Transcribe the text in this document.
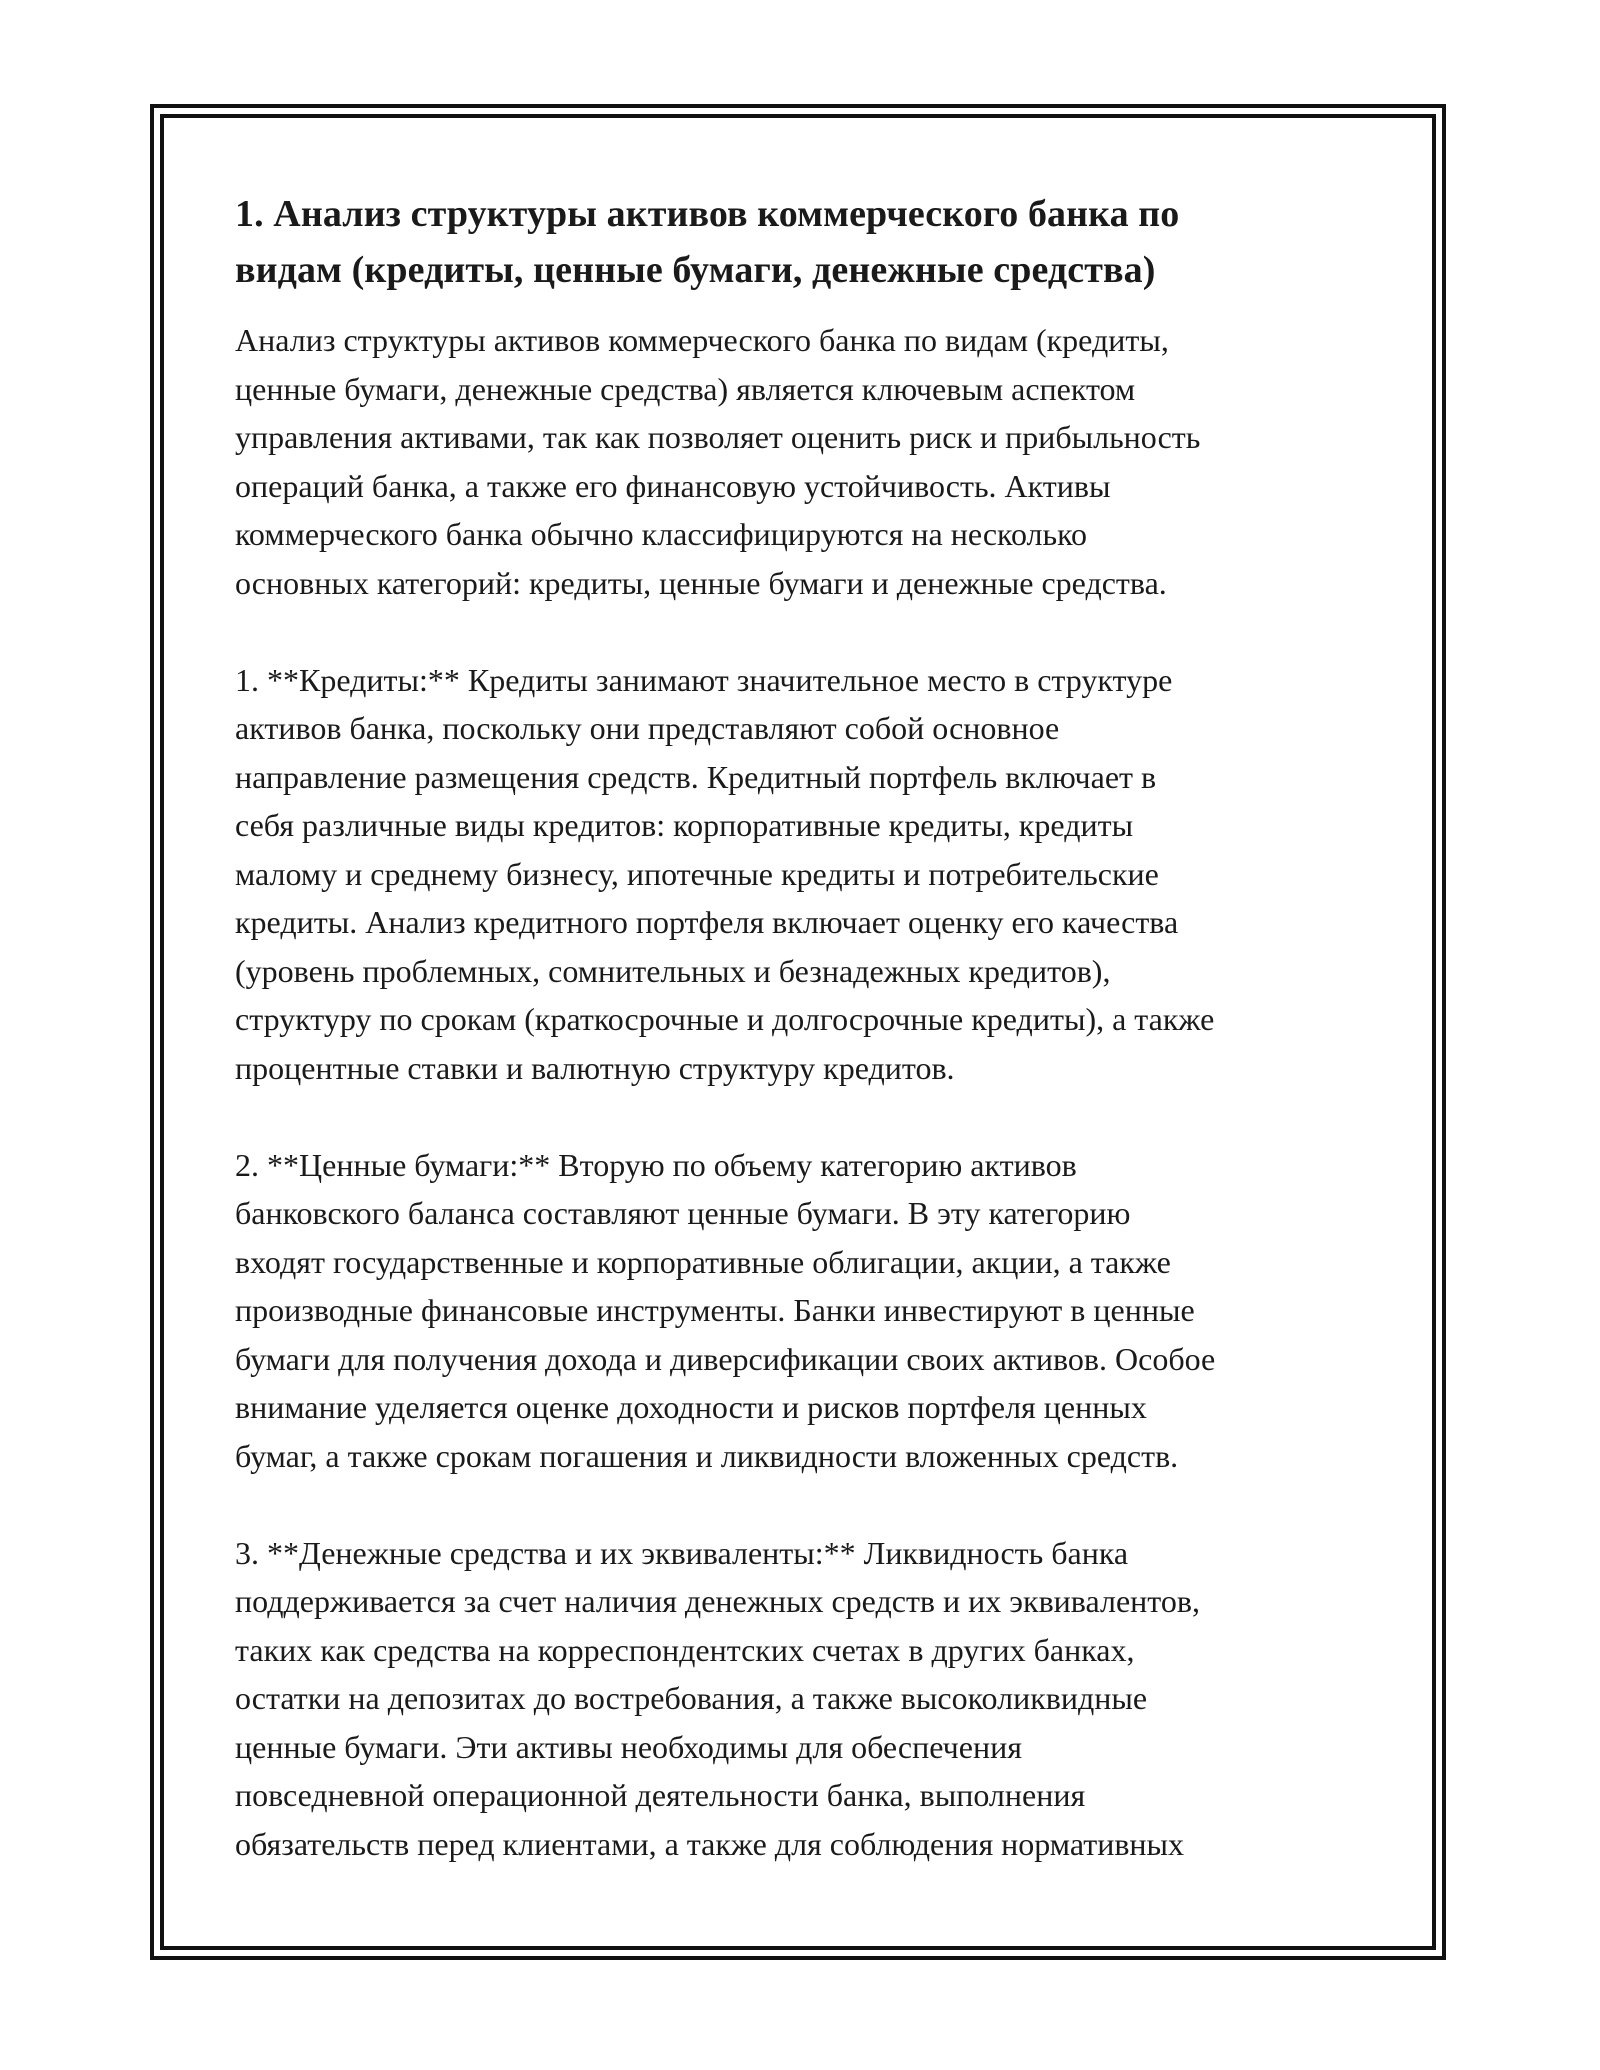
1. Анализ структуры активов коммерческого банка по
видам (кредиты, ценные бумаги, денежные средства)

Анализ структуры активов коммерческого банка по видам (кредиты,
ценные бумаги, денежные средства) является ключевым аспектом
управления активами, так как позволяет оценить риск и прибыльность
операций банка, а также его финансовую устойчивость. Активы
коммерческого банка обычно классифицируются на несколько
основных категорий: кредиты, ценные бумаги и денежные средства.

1. **Кредиты:** Кредиты занимают значительное место в структуре
активов банка, поскольку они представляют собой основное
направление размещения средств. Кредитный портфель включает в
себя различные виды кредитов: корпоративные кредиты, кредиты
малому и среднему бизнесу, ипотечные кредиты и потребительские
кредиты. Анализ кредитного портфеля включает оценку его качества
(уровень проблемных, сомнительных и безнадежных кредитов),
структуру по срокам (краткосрочные и долгосрочные кредиты), а также
процентные ставки и валютную структуру кредитов.

2. **Ценные бумаги:** Вторую по объему категорию активов
банковского баланса составляют ценные бумаги. В эту категорию
входят государственные и корпоративные облигации, акции, а также
производные финансовые инструменты. Банки инвестируют в ценные
бумаги для получения дохода и диверсификации своих активов. Особое
внимание уделяется оценке доходности и рисков портфеля ценных
бумаг, а также срокам погашения и ликвидности вложенных средств.

3. **Денежные средства и их эквиваленты:** Ликвидность банка
поддерживается за счет наличия денежных средств и их эквивалентов,
таких как средства на корреспондентских счетах в других банках,
остатки на депозитах до востребования, а также высоколиквидные
ценные бумаги. Эти активы необходимы для обеспечения
повседневной операционной деятельности банка, выполнения
обязательств перед клиентами, а также для соблюдения нормативных
